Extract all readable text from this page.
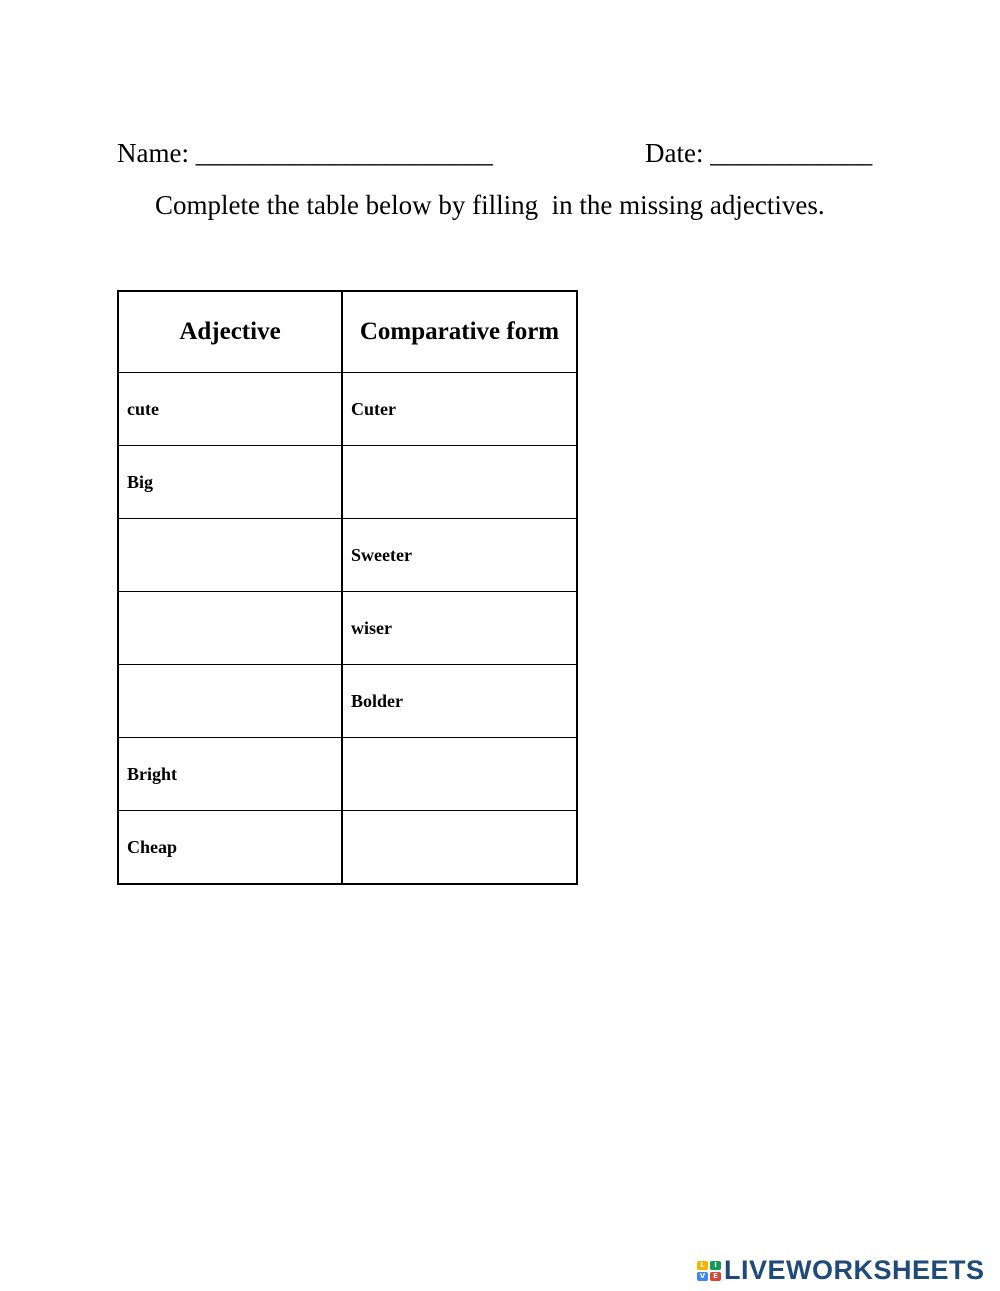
Name: ______________________	Date: ____________
Complete the table below by filling  in the missing adjectives.
Adjective	Comparative form
cute	Cuter
Big	
	Sweeter
	wiser
	Bolder
Bright	
Cheap	
L	I
V	E LIVEWORKSHEETS
